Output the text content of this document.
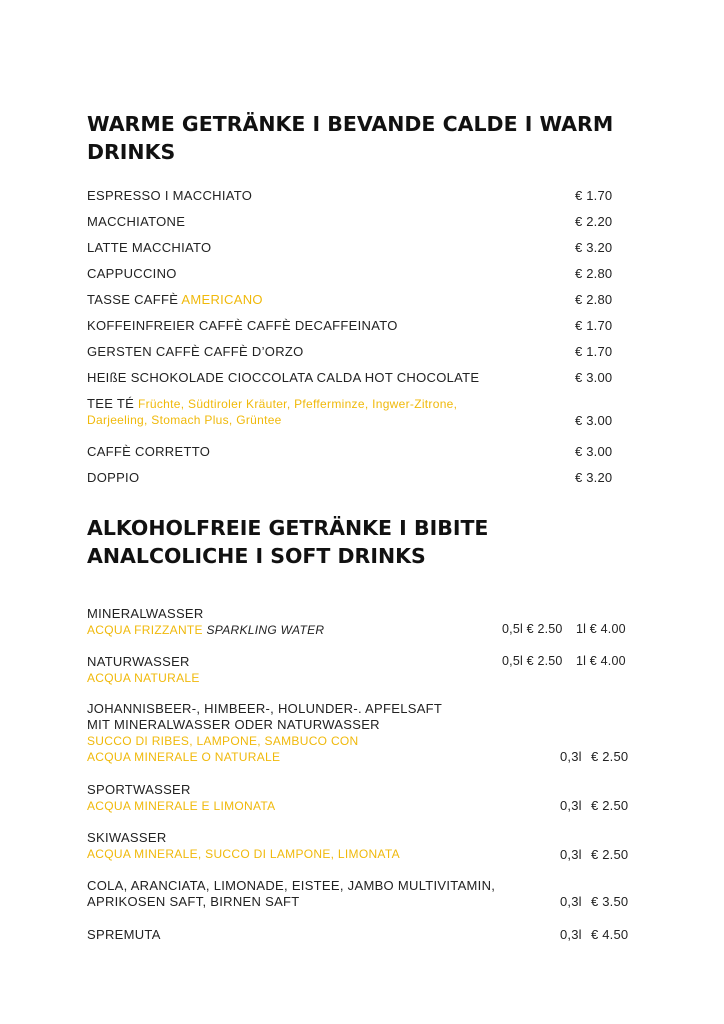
WARME GETRÄNKE I BEVANDE CALDE I WARM
DRINKS
ESPRESSO I MACCHIATO	€ 1.70
MACCHIATONE	€ 2.20
LATTE MACCHIATO	€ 3.20
CAPPUCCINO	€ 2.80
TASSE CAFFÈ AMERICANO	€ 2.80
KOFFEINFREIER CAFFÈ CAFFÈ DECAFFEINATO	€ 1.70
GERSTEN CAFFÈ CAFFÈ D’ORZO	€ 1.70
HEIßE SCHOKOLADE CIOCCOLATA CALDA HOT CHOCOLATE	€ 3.00
TEE TÉ Früchte, Südtiroler Kräuter, Pfefferminze, Ingwer-Zitrone,
Darjeeling, Stomach Plus, Grüntee	€ 3.00
CAFFÈ CORRETTO	€ 3.00
DOPPIO	€ 3.20
ALKOHOLFREIE GETRÄNKE I BIBITE
ANALCOLICHE I SOFT DRINKS
MINERALWASSER
ACQUA FRIZZANTE SPARKLING WATER	0,5l € 2.50 1l € 4.00
NATURWASSER
ACQUA NATURALE
0,5l € 2.50 1l € 4.00
JOHANNISBEER-, HIMBEER-, HOLUNDER-. APFELSAFT
MIT MINERALWASSER ODER NATURWASSER
SUCCO DI RIBES, LAMPONE, SAMBUCO CON
ACQUA MINERALE O NATURALE	0,3l € 2.50
SPORTWASSER
ACQUA MINERALE E LIMONATA	0,3l € 2.50
SKIWASSER
ACQUA MINERALE, SUCCO DI LAMPONE, LIMONATA	0,3l € 2.50
COLA, ARANCIATA, LIMONADE, EISTEE, JAMBO MULTIVITAMIN,
APRIKOSEN SAFT, BIRNEN SAFT	0,3l € 3.50
SPREMUTA	0,3l € 4.50
